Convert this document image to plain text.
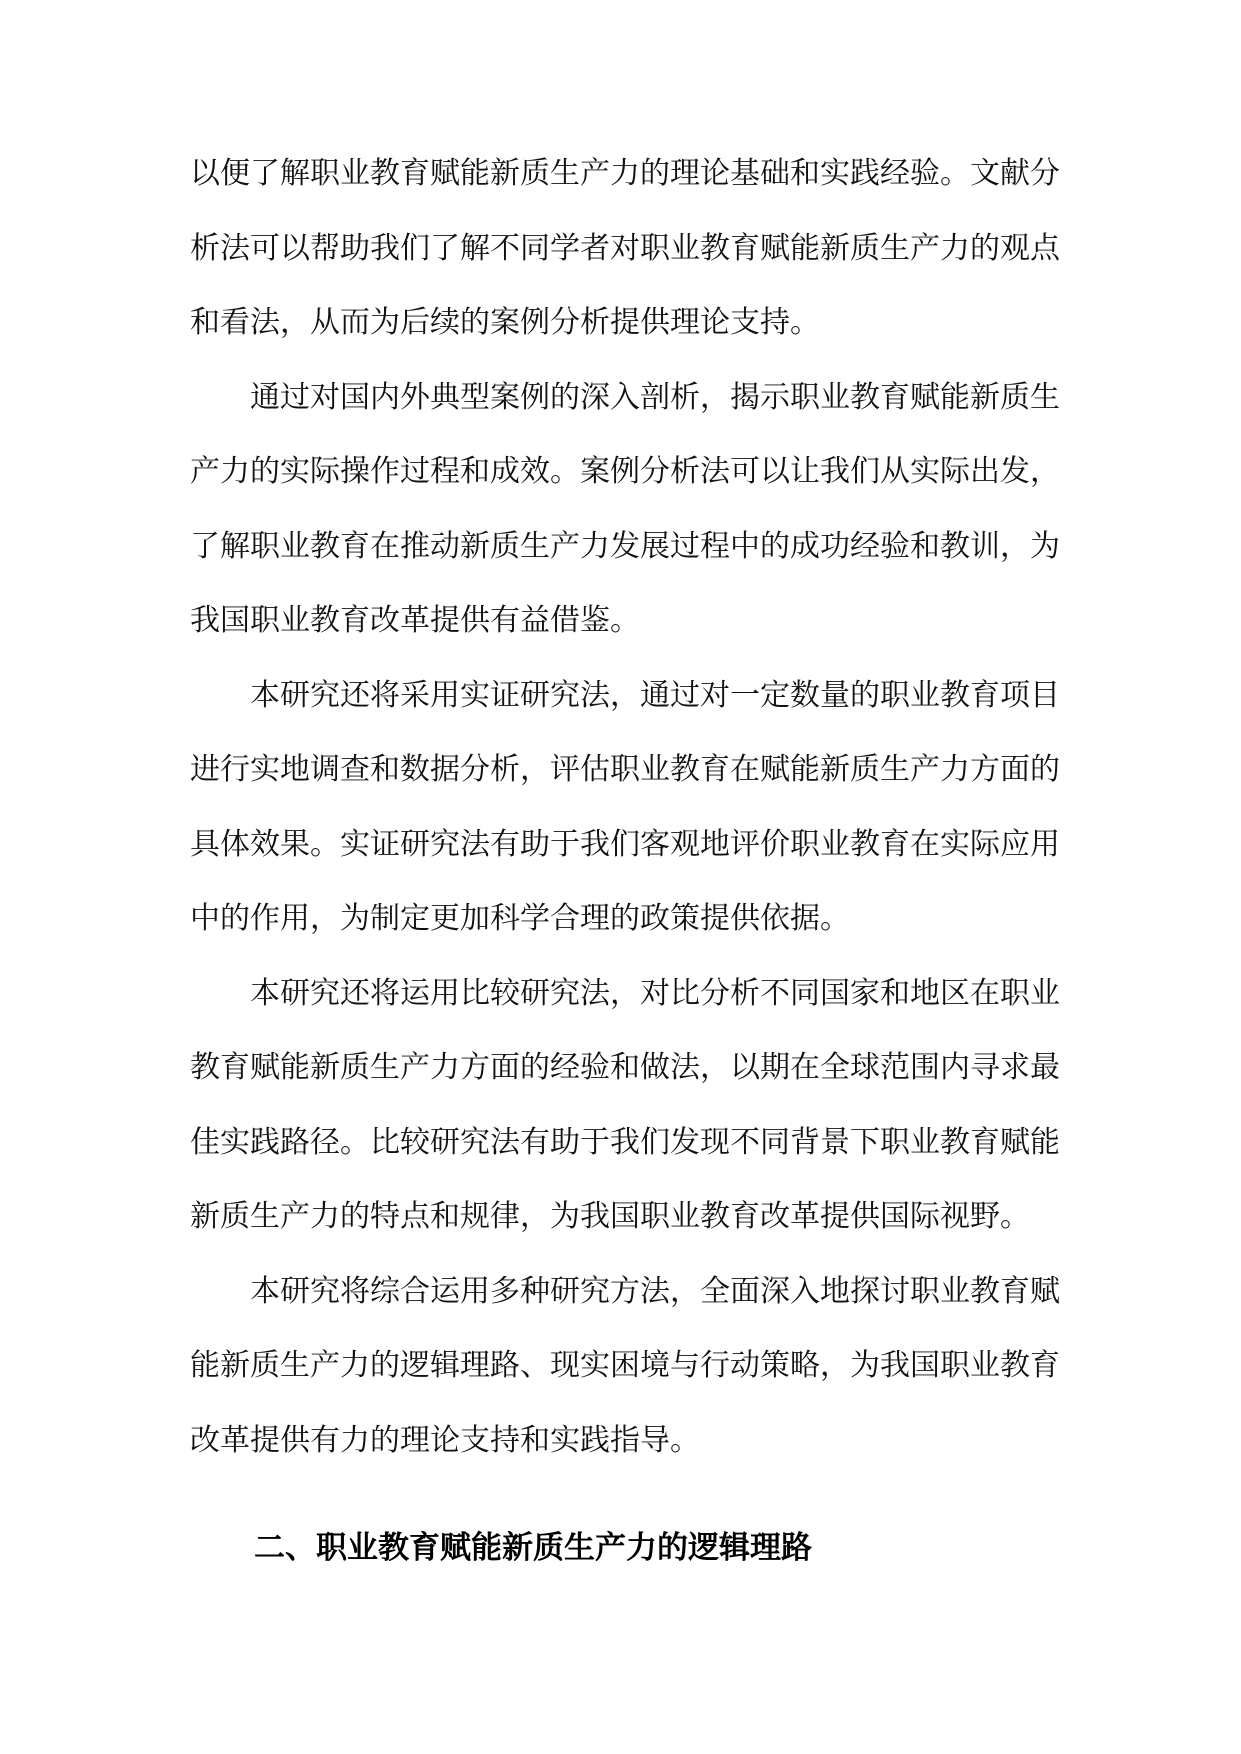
以便了解职业教育赋能新质生产力的理论基础和实践经验。文献分析法可以帮助我们了解不同学者对职业教育赋能新质生产力的观点和看法，从而为后续的案例分析提供理论支持。

通过对国内外典型案例的深入剖析，揭示职业教育赋能新质生产力的实际操作过程和成效。案例分析法可以让我们从实际出发，了解职业教育在推动新质生产力发展过程中的成功经验和教训，为我国职业教育改革提供有益借鉴。

本研究还将采用实证研究法，通过对一定数量的职业教育项目进行实地调查和数据分析，评估职业教育在赋能新质生产力方面的具体效果。实证研究法有助于我们客观地评价职业教育在实际应用中的作用，为制定更加科学合理的政策提供依据。

本研究还将运用比较研究法，对比分析不同国家和地区在职业教育赋能新质生产力方面的经验和做法，以期在全球范围内寻求最佳实践路径。比较研究法有助于我们发现不同背景下职业教育赋能新质生产力的特点和规律，为我国职业教育改革提供国际视野。

本研究将综合运用多种研究方法，全面深入地探讨职业教育赋能新质生产力的逻辑理路、现实困境与行动策略，为我国职业教育改革提供有力的理论支持和实践指导。

二、职业教育赋能新质生产力的逻辑理路
